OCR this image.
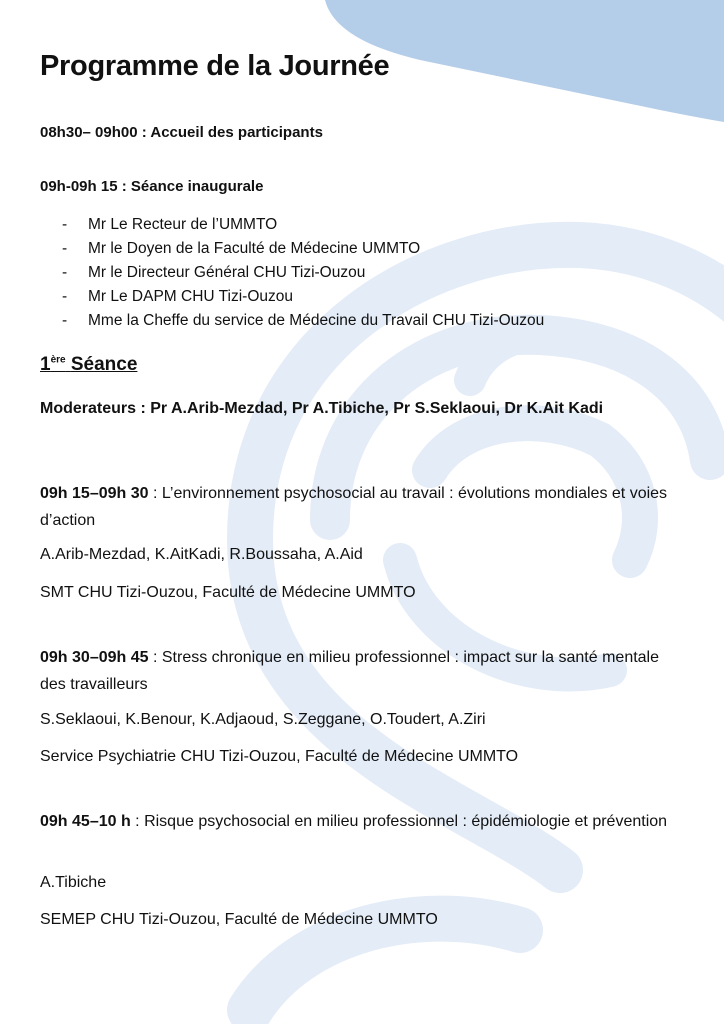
Programme de la Journée
08h30– 09h00 : Accueil des participants
09h-09h 15 : Séance inaugurale
-	Mr Le Recteur de l’UMMTO
-	Mr le Doyen de la Faculté de Médecine UMMTO
-	Mr le Directeur Général CHU Tizi-Ouzou
-	Mr Le DAPM CHU Tizi-Ouzou
-	Mme la Cheffe du service de Médecine du Travail CHU Tizi-Ouzou
1ère Séance
Moderateurs : Pr A.Arib-Mezdad, Pr A.Tibiche, Pr S.Seklaoui, Dr K.Ait Kadi
09h 15–09h 30 : L’environnement psychosocial au travail : évolutions mondiales et voies d’action
A.Arib-Mezdad, K.AitKadi, R.Boussaha, A.Aid
SMT CHU Tizi-Ouzou, Faculté de Médecine UMMTO
09h 30–09h 45 : Stress chronique en milieu professionnel : impact sur la santé mentale des travailleurs
S.Seklaoui, K.Benour, K.Adjaoud, S.Zeggane, O.Toudert, A.Ziri
Service Psychiatrie CHU Tizi-Ouzou, Faculté de Médecine UMMTO
09h 45–10 h : Risque psychosocial en milieu professionnel : épidémiologie et prévention
A.Tibiche
SEMEP CHU Tizi-Ouzou, Faculté de Médecine UMMTO
